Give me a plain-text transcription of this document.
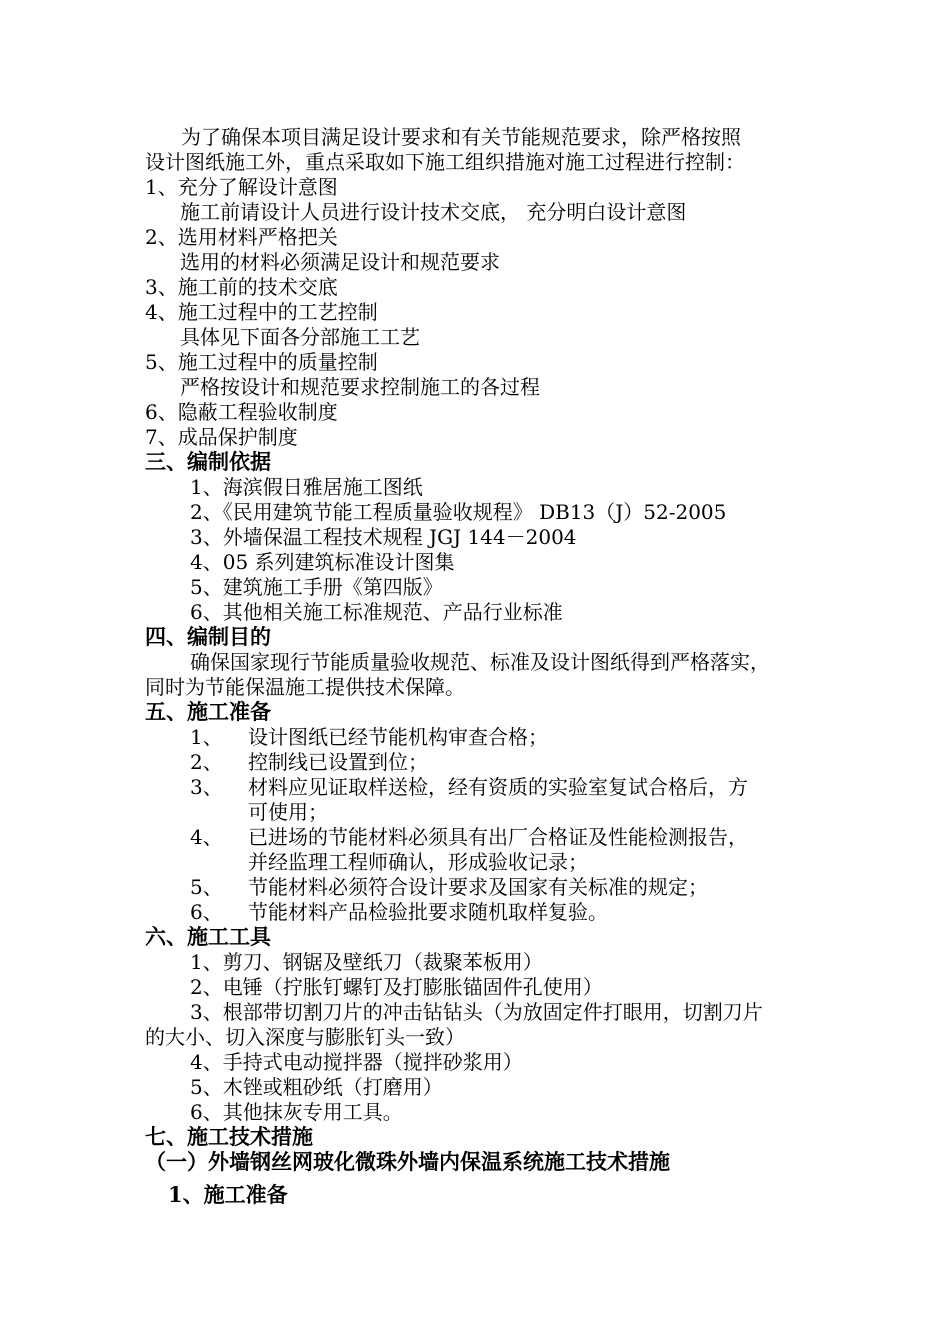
为了确保本项目满足设计要求和有关节能规范要求，除严格按照
设计图纸施工外，重点采取如下施工组织措施对施工过程进行控制：
1、充分了解设计意图
施工前请设计人员进行设计技术交底， 充分明白设计意图
2、选用材料严格把关
选用的材料必须满足设计和规范要求
3、施工前的技术交底
4、施工过程中的工艺控制
具体见下面各分部施工工艺
5、施工过程中的质量控制
严格按设计和规范要求控制施工的各过程
6、隐蔽工程验收制度
7、成品保护制度
三、编制依据
1、海滨假日雅居施工图纸
2、《民用建筑节能工程质量验收规程》 DB13（J）52-2005
3、外墙保温工程技术规程 JGJ 144－2004
4、05 系列建筑标准设计图集
5、建筑施工手册《第四版》
6、其他相关施工标准规范、产品行业标准
四、编制目的
确保国家现行节能质量验收规范、标准及设计图纸得到严格落实，
同时为节能保温施工提供技术保障。
五、施工准备
1、 设计图纸已经节能机构审查合格；
2、 控制线已设置到位；
3、 材料应见证取样送检，经有资质的实验室复试合格后，方
可使用；
4、 已进场的节能材料必须具有出厂合格证及性能检测报告，
并经监理工程师确认，形成验收记录；
5、 节能材料必须符合设计要求及国家有关标准的规定；
6、 节能材料产品检验批要求随机取样复验。
六、施工工具
1、剪刀、钢锯及壁纸刀（裁聚苯板用）
2、电锤（拧胀钉螺钉及打膨胀锚固件孔使用）
3、根部带切割刀片的冲击钻钻头（为放固定件打眼用，切割刀片
的大小、切入深度与膨胀钉头一致）
4、手持式电动搅拌器（搅拌砂浆用）
5、木锉或粗砂纸（打磨用）
6、其他抹灰专用工具。
七、施工技术措施
（一）外墙钢丝网玻化微珠外墙内保温系统施工技术措施
1、施工准备
